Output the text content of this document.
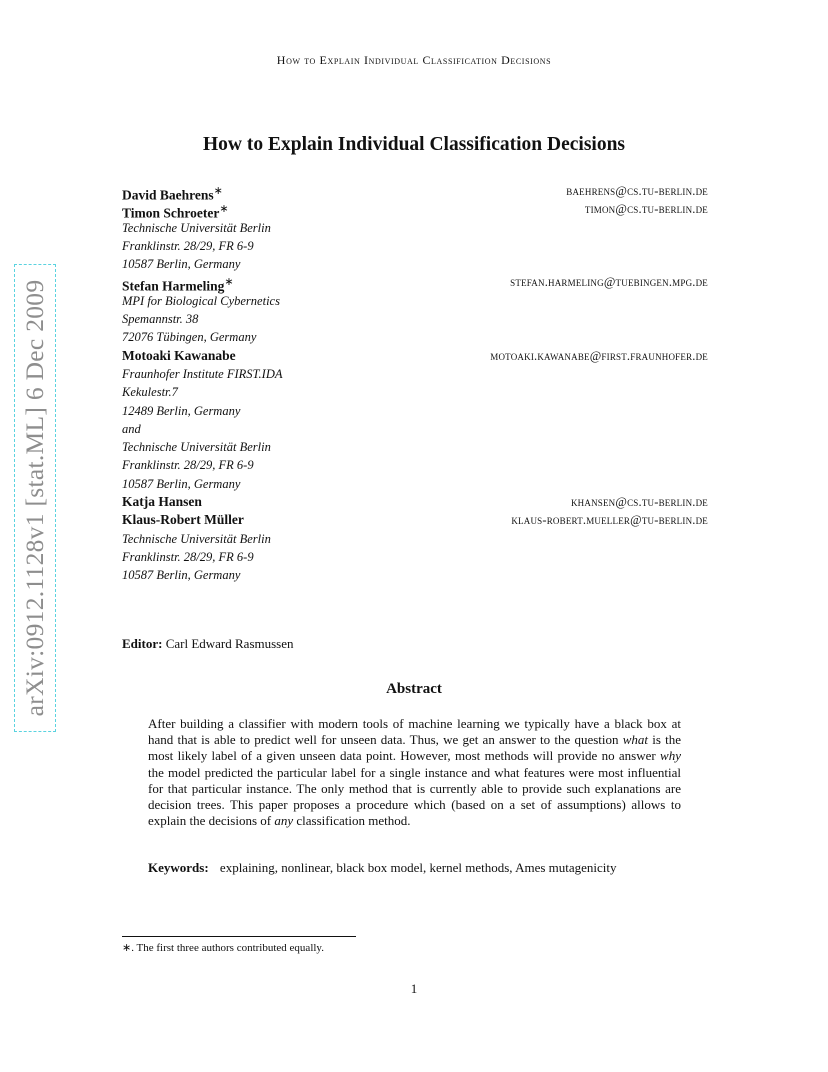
How to Explain Individual Classification Decisions
arXiv:0912.1128v1 [stat.ML] 6 Dec 2009
How to Explain Individual Classification Decisions
David Baehrens∗	baehrens@cs.tu-berlin.de
Timon Schroeter∗	timon@cs.tu-berlin.de
Technische Universität Berlin
Franklinstr. 28/29, FR 6-9
10587 Berlin, Germany
Stefan Harmeling∗	stefan.harmeling@tuebingen.mpg.de
MPI for Biological Cybernetics
Spemannstr. 38
72076 Tübingen, Germany
Motoaki Kawanabe	motoaki.kawanabe@first.fraunhofer.de
Fraunhofer Institute FIRST.IDA
Kekulestr.7
12489 Berlin, Germany
and
Technische Universität Berlin
Franklinstr. 28/29, FR 6-9
10587 Berlin, Germany
Katja Hansen	khansen@cs.tu-berlin.de
Klaus-Robert Müller	klaus-robert.mueller@tu-berlin.de
Technische Universität Berlin
Franklinstr. 28/29, FR 6-9
10587 Berlin, Germany
Editor: Carl Edward Rasmussen
Abstract
After building a classifier with modern tools of machine learning we typically have a black box at hand that is able to predict well for unseen data. Thus, we get an answer to the question what is the most likely label of a given unseen data point. However, most methods will provide no answer why the model predicted the particular label for a single instance and what features were most influential for that particular instance. The only method that is currently able to provide such explanations are decision trees. This paper proposes a procedure which (based on a set of assumptions) allows to explain the decisions of any classification method.
Keywords: explaining, nonlinear, black box model, kernel methods, Ames mutagenicity
∗. The first three authors contributed equally.
1
